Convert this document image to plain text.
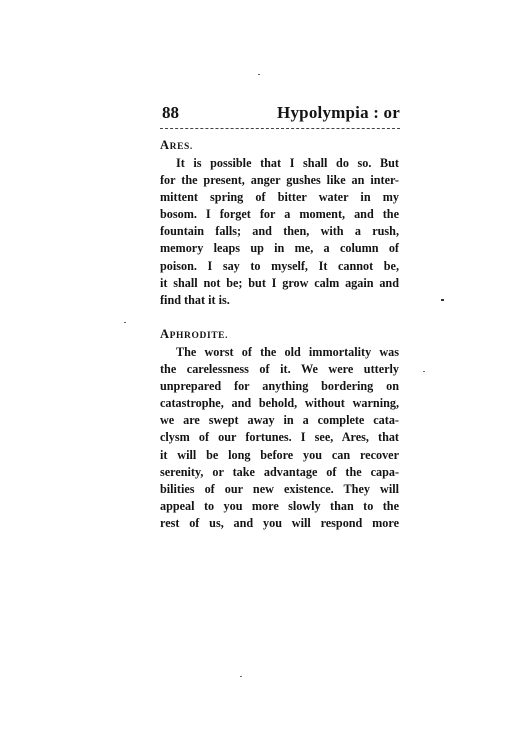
88	Hypolympia : or
ARES.
It is possible that I shall do so. But
for the present, anger gushes like an inter-
mittent spring of bitter water in my
bosom. I forget for a moment, and the
fountain falls; and then, with a rush,
memory leaps up in me, a column of
poison. I say to myself, It cannot be,
it shall not be; but I grow calm again and
find that it is.
APHRODITE.
The worst of the old immortality was
the carelessness of it. We were utterly
unprepared for anything bordering on
catastrophe, and behold, without warning,
we are swept away in a complete cata-
clysm of our fortunes. I see, Ares, that
it will be long before you can recover
serenity, or take advantage of the capa-
bilities of our new existence. They will
appeal to you more slowly than to the
rest of us, and you will respond more
